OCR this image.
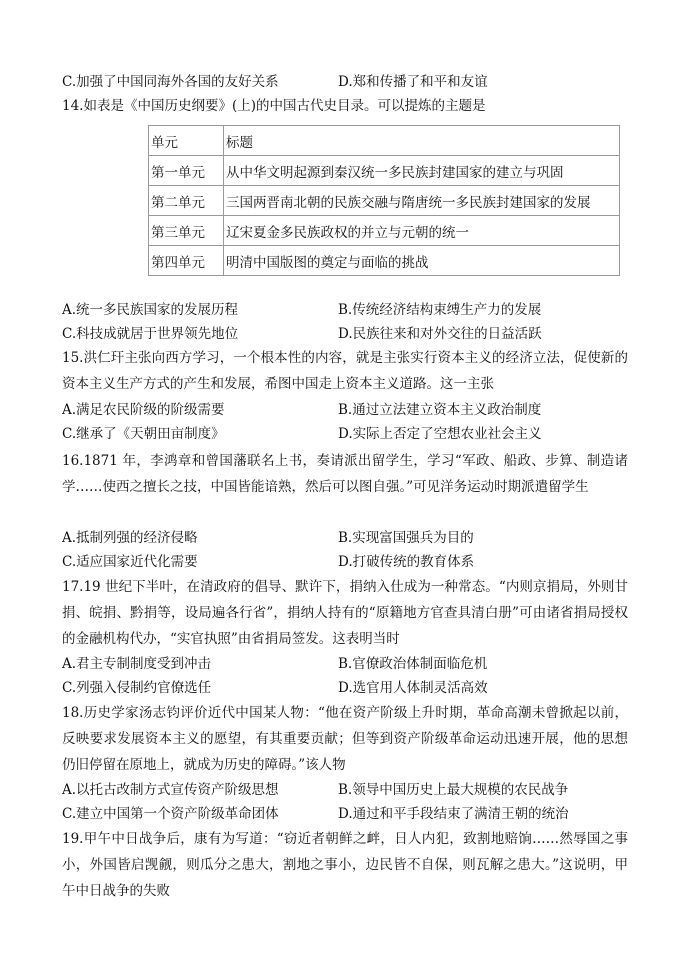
C.加强了中国同海外各国的友好关系	D.郑和传播了和平和友谊
14.如表是《中国历史纲要》(上)的中国古代史目录。可以提炼的主题是
单元	标题
第一单元	从中华文明起源到秦汉统一多民族封建国家的建立与巩固
第二单元	三国两晋南北朝的民族交融与隋唐统一多民族封建国家的发展
第三单元	辽宋夏金多民族政权的并立与元朝的统一
第四单元	明清中国版图的奠定与面临的挑战
A.统一多民族国家的发展历程	B.传统经济结构束缚生产力的发展
C.科技成就居于世界领先地位	D.民族往来和对外交往的日益活跃
15.洪仁玕主张向西方学习，一个根本性的内容，就是主张实行资本主义的经济立法，促使新的资本主义生产方式的产生和发展，希图中国走上资本主义道路。这一主张
A.满足农民阶级的阶级需要	B.通过立法建立资本主义政治制度
C.继承了《天朝田亩制度》	D.实际上否定了空想农业社会主义
16.1871 年，李鸿章和曾国藩联名上书，奏请派出留学生，学习“军政、船政、步算、制造诸学……使西之擅长之技，中国皆能谙熟，然后可以图自强。”可见洋务运动时期派遣留学生
A.抵制列强的经济侵略	B.实现富国强兵为目的
C.适应国家近代化需要	D.打破传统的教育体系
17.19 世纪下半叶，在清政府的倡导、默许下，捐纳入仕成为一种常态。“内则京捐局，外则甘捐、皖捐、黔捐等，设局遍各行省”，捐纳人持有的“原籍地方官查具清白册”可由诸省捐局授权的金融机构代办，“实官执照”由省捐局签发。这表明当时
A.君主专制制度受到冲击	B.官僚政治体制面临危机
C.列强入侵制约官僚选任	D.选官用人体制灵活高效
18.历史学家汤志钧评价近代中国某人物：“他在资产阶级上升时期，革命高潮未曾掀起以前，反映要求发展资本主义的愿望，有其重要贡献；但等到资产阶级革命运动迅速开展，他的思想仍旧停留在原地上，就成为历史的障碍。”该人物
A.以托古改制方式宣传资产阶级思想	B.领导中国历史上最大规模的农民战争
C.建立中国第一个资产阶级革命团体	D.通过和平手段结束了满清王朝的统治
19.甲午中日战争后，康有为写道：“窃近者朝鲜之衅，日人内犯，致割地赔饷……然辱国之事小，外国皆启觊觎，则瓜分之患大，割地之事小，边民皆不自保，则瓦解之患大。”这说明，甲午中日战争的失败
